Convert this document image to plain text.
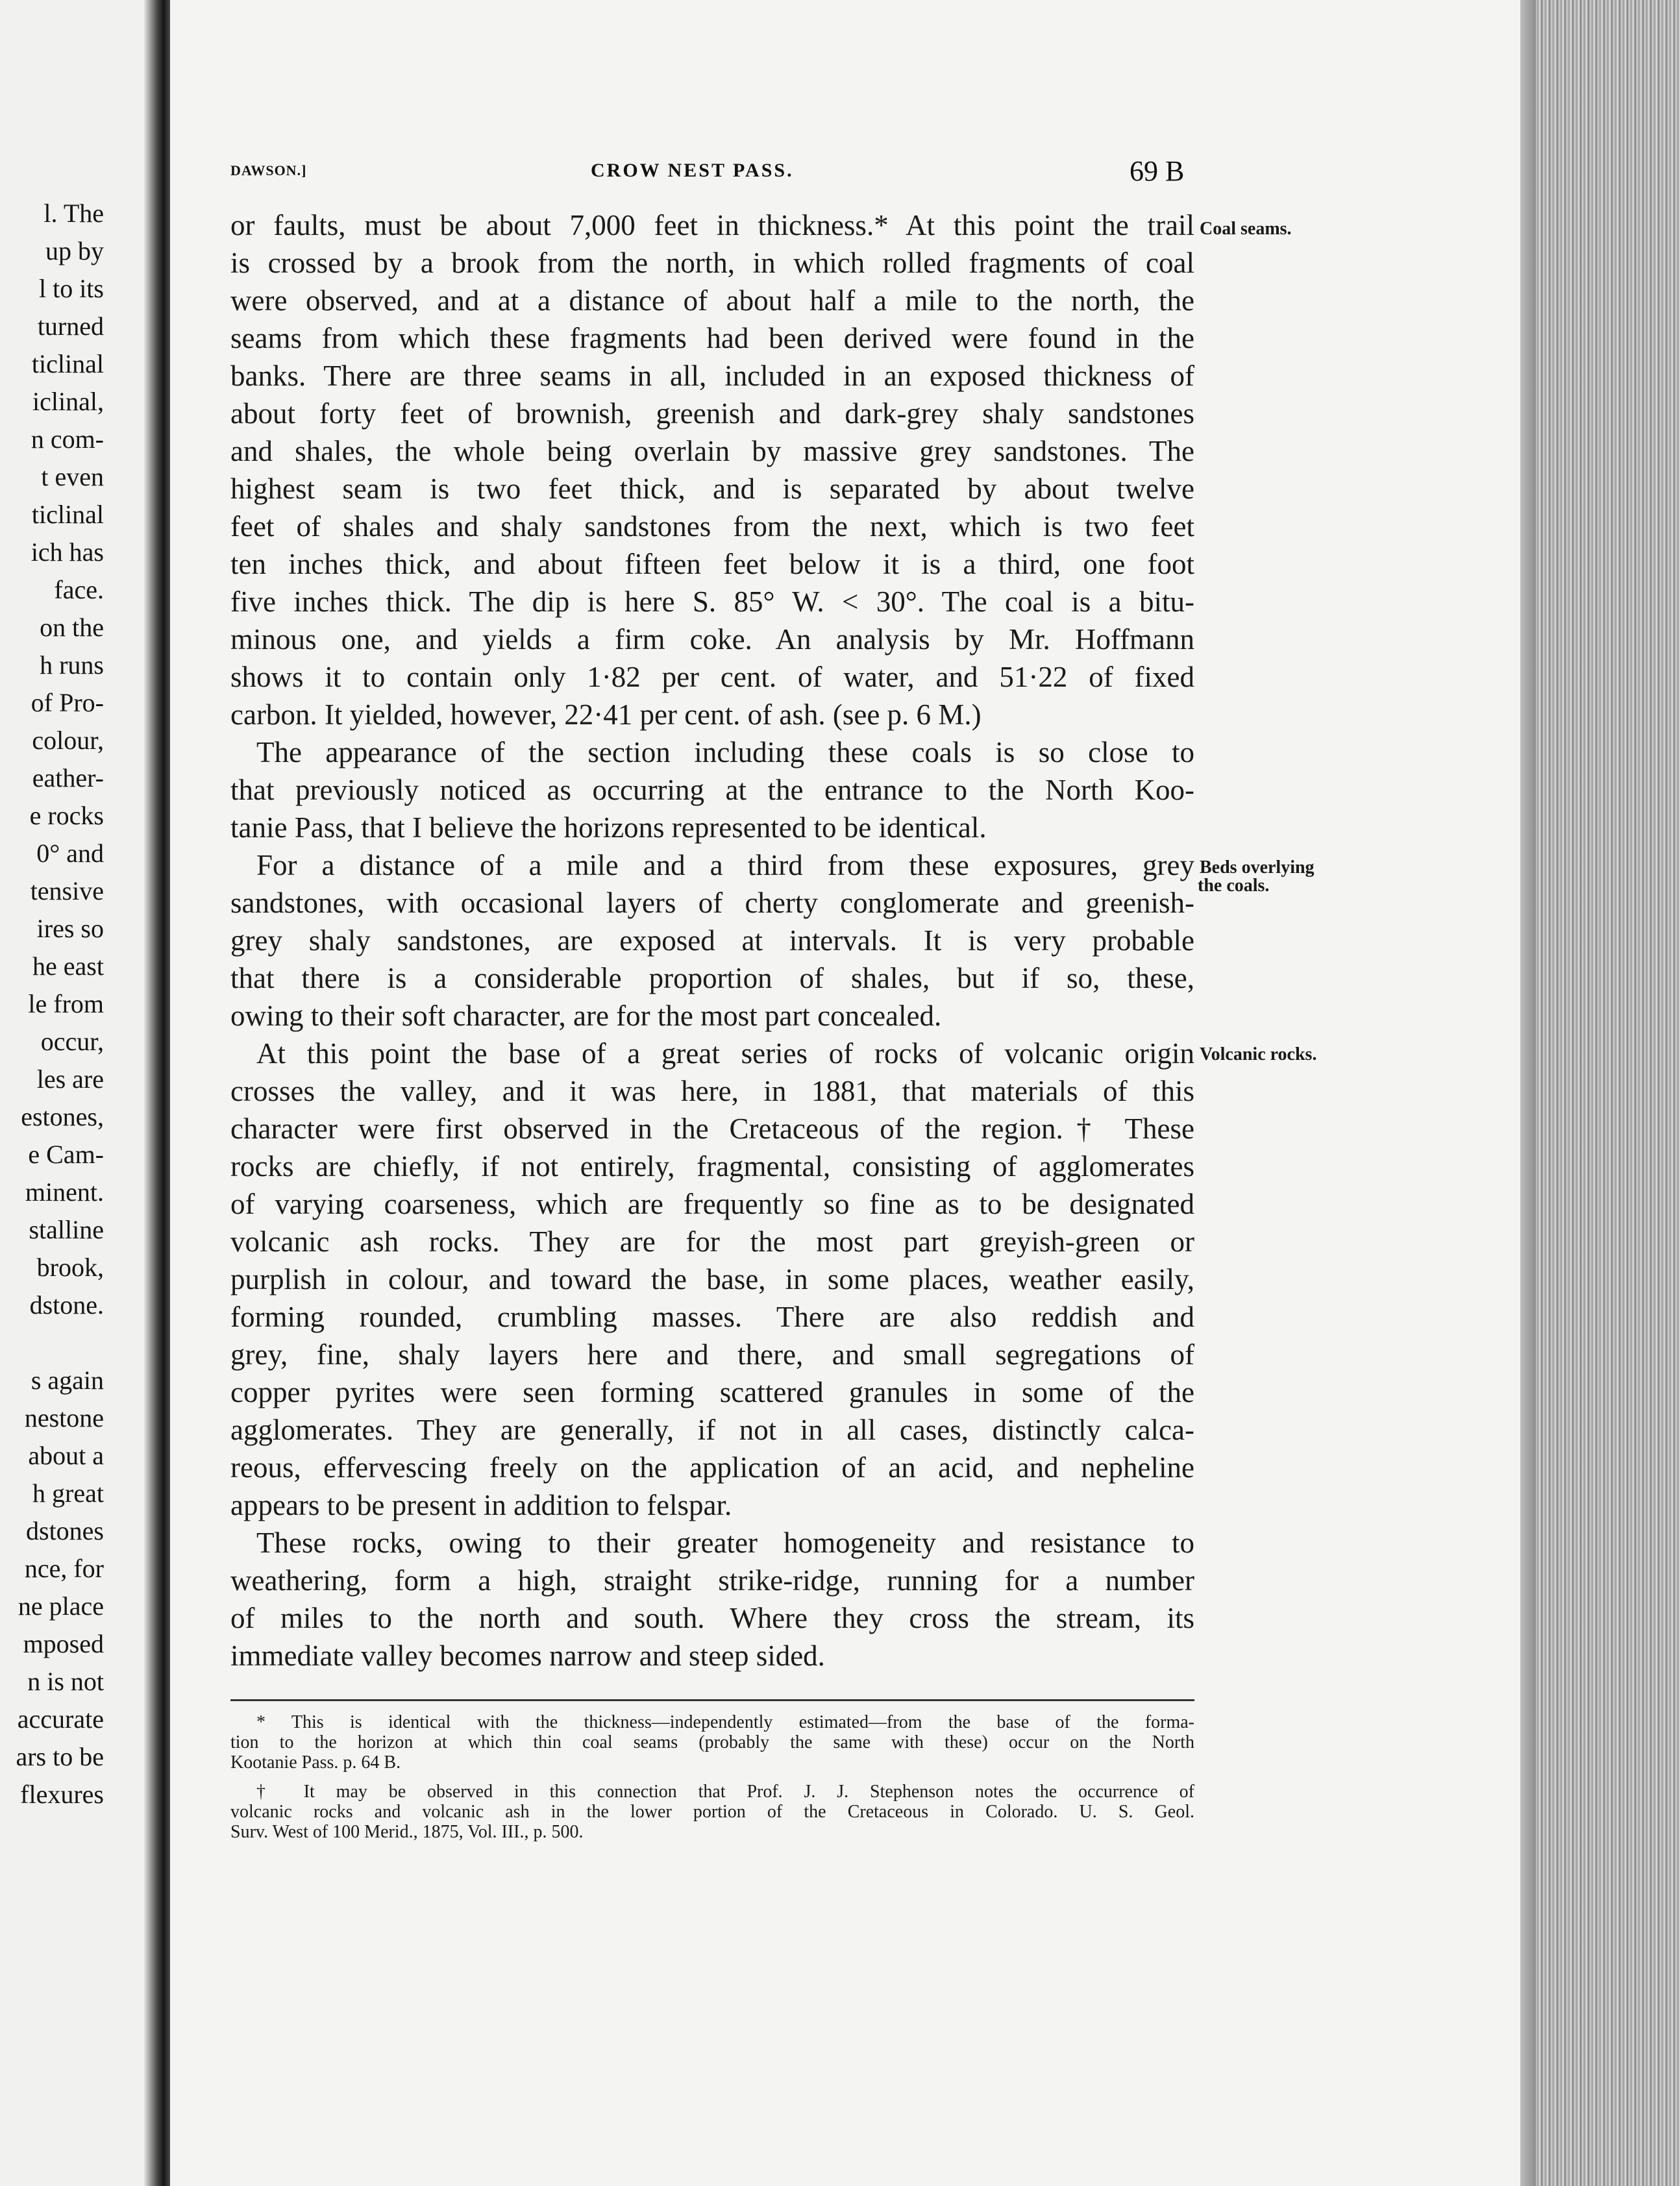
l. The
up by
l to its
turned
ticlinal
iclinal,
n com-
t even
ticlinal
ich has
face.
on the
h runs
of Pro-
colour,
eather-
e rocks
0° and
tensive
ires so
he east
le from
occur,
les are
estones,
e Cam-
minent.
stalline
brook,
dstone.
s again
nestone
about a
h great
dstones
nce, for
ne place
mposed
n is not
accurate
ars to be
flexures
DAWSON.]	CROW NEST PASS.	69 B
or faults, must be about 7,000 feet in thickness.* At this point the trail
is crossed by a brook from the north, in which rolled fragments of coal
were observed, and at a distance of about half a mile to the north, the
seams from which these fragments had been derived were found in the
banks. There are three seams in all, included in an exposed thickness of
about forty feet of brownish, greenish and dark-grey shaly sandstones
and shales, the whole being overlain by massive grey sandstones. The
highest seam is two feet thick, and is separated by about twelve
feet of shales and shaly sandstones from the next, which is two feet
ten inches thick, and about fifteen feet below it is a third, one foot
five inches thick. The dip is here S. 85° W. < 30°. The coal is a bitu-
minous one, and yields a firm coke. An analysis by Mr. Hoffmann
shows it to contain only 1·82 per cent. of water, and 51·22 of fixed
carbon. It yielded, however, 22·41 per cent. of ash. (see p. 6 M.)
The appearance of the section including these coals is so close to
that previously noticed as occurring at the entrance to the North Koo-
tanie Pass, that I believe the horizons represented to be identical.
For a distance of a mile and a third from these exposures, grey
sandstones, with occasional layers of cherty conglomerate and greenish-
grey shaly sandstones, are exposed at intervals. It is very probable
that there is a considerable proportion of shales, but if so, these,
owing to their soft character, are for the most part concealed.
At this point the base of a great series of rocks of volcanic origin
crosses the valley, and it was here, in 1881, that materials of this
character were first observed in the Cretaceous of the region.† These
rocks are chiefly, if not entirely, fragmental, consisting of agglomerates
of varying coarseness, which are frequently so fine as to be designated
volcanic ash rocks. They are for the most part greyish-green or
purplish in colour, and toward the base, in some places, weather easily,
forming rounded, crumbling masses. There are also reddish and
grey, fine, shaly layers here and there, and small segregations of
copper pyrites were seen forming scattered granules in some of the
agglomerates. They are generally, if not in all cases, distinctly calca-
reous, effervescing freely on the application of an acid, and nepheline
appears to be present in addition to felspar.
These rocks, owing to their greater homogeneity and resistance to
weathering, form a high, straight strike-ridge, running for a number
of miles to the north and south. Where they cross the stream, its
immediate valley becomes narrow and steep sided.
Coal seams.
Beds overlying
the coals.
Volcanic rocks.
* This is identical with the thickness—independently estimated—from the base of the forma-
tion to the horizon at which thin coal seams (probably the same with these) occur on the North
Kootanie Pass. p. 64 B.
† It may be observed in this connection that Prof. J. J. Stephenson notes the occurrence of
volcanic rocks and volcanic ash in the lower portion of the Cretaceous in Colorado. U. S. Geol.
Surv. West of 100 Merid., 1875, Vol. III., p. 500.
